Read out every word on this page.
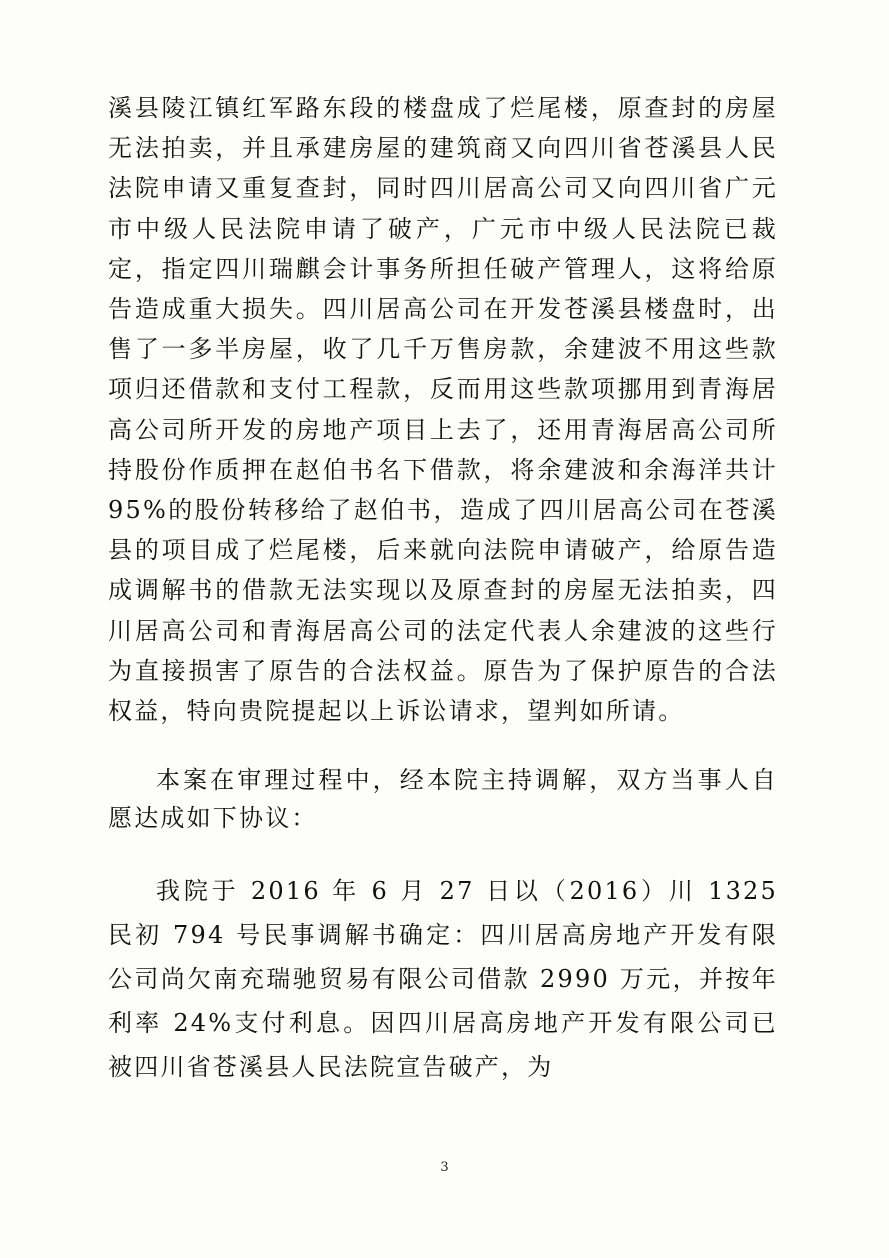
溪县陵江镇红军路东段的楼盘成了烂尾楼，原查封的房屋无法拍卖，并且承建房屋的建筑商又向四川省苍溪县人民法院申请又重复查封，同时四川居高公司又向四川省广元市中级人民法院申请了破产，广元市中级人民法院已裁定，指定四川瑞麒会计事务所担任破产管理人，这将给原告造成重大损失。四川居高公司在开发苍溪县楼盘时，出售了一多半房屋，收了几千万售房款，余建波不用这些款项归还借款和支付工程款，反而用这些款项挪用到青海居高公司所开发的房地产项目上去了，还用青海居高公司所持股份作质押在赵伯书名下借款，将余建波和余海洋共计 95%的股份转移给了赵伯书，造成了四川居高公司在苍溪县的项目成了烂尾楼，后来就向法院申请破产，给原告造成调解书的借款无法实现以及原查封的房屋无法拍卖，四川居高公司和青海居高公司的法定代表人余建波的这些行为直接损害了原告的合法权益。原告为了保护原告的合法权益，特向贵院提起以上诉讼请求，望判如所请。

本案在审理过程中，经本院主持调解，双方当事人自愿达成如下协议：

我院于 2016 年 6 月 27 日以（2016）川 1325 民初 794 号民事调解书确定：四川居高房地产开发有限公司尚欠南充瑞驰贸易有限公司借款 2990 万元，并按年利率 24%支付利息。因四川居高房地产开发有限公司已被四川省苍溪县人民法院宣告破产，为

3
